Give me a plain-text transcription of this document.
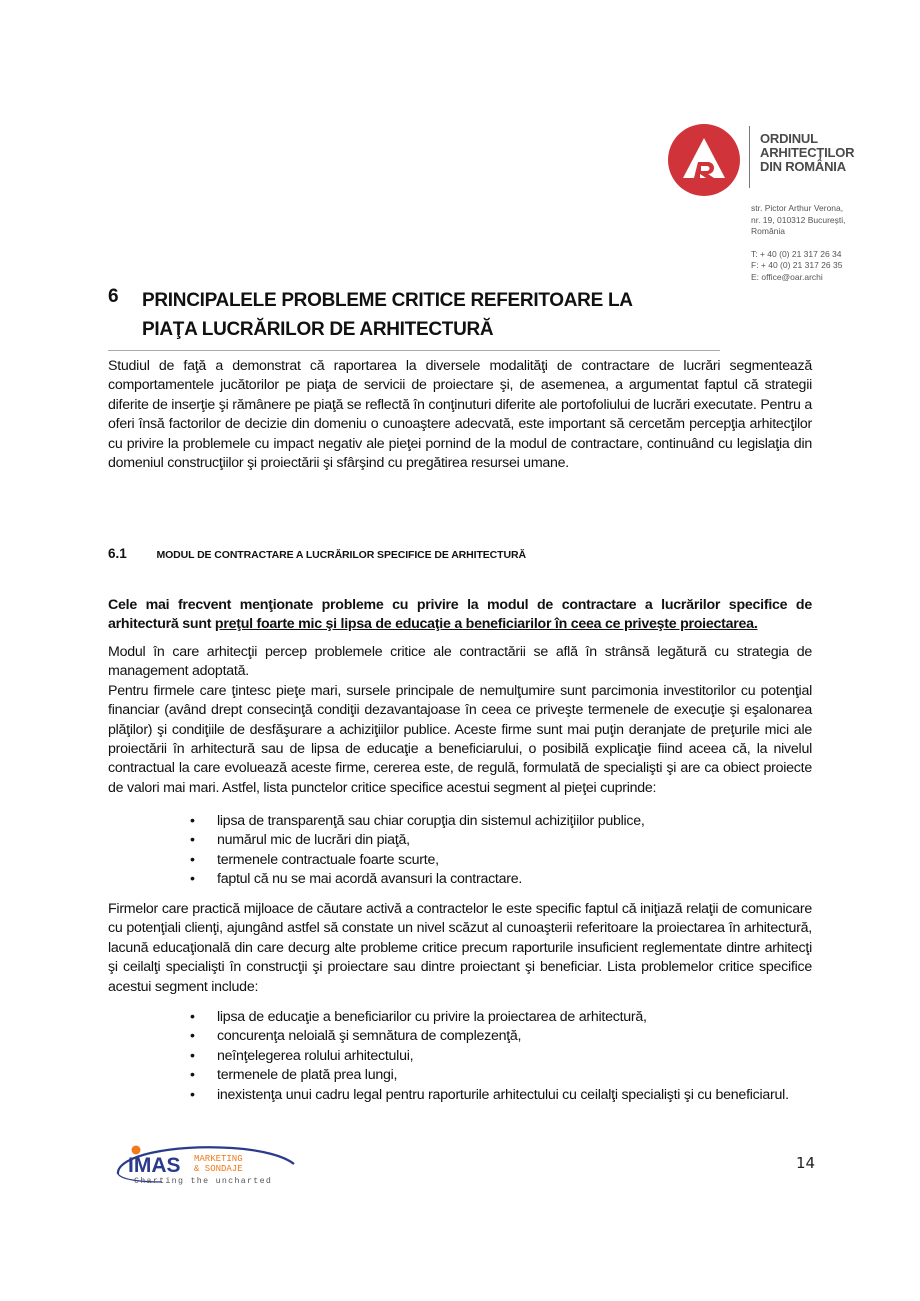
ORDINUL
ARHITECȚILOR
DIN ROMÂNIA
str. Pictor Arthur Verona,
nr. 19, 010312 București,
România
T: + 40 (0) 21 317 26 34
F: + 40 (0) 21 317 26 35
E: office@oar.archi
6 PRINCIPALELE PROBLEME CRITICE REFERITOARE LA
PIAŢA LUCRĂRILOR DE ARHITECTURĂ

Studiul de faţă a demonstrat că raportarea la diversele modalităţi de contractare de lucrări segmentează comportamentele jucătorilor pe piaţa de servicii de proiectare şi, de asemenea, a argumentat faptul că strategii diferite de inserţie şi rămânere pe piaţă se reflectă în conţinuturi diferite ale portofoliului de lucrări executate. Pentru a oferi însă factorilor de decizie din domeniu o cunoaştere adecvată, este important să cercetăm percepţia arhitecţilor cu privire la problemele cu impact negativ ale pieţei pornind de la modul de contractare, continuând cu legislaţia din domeniul construcţiilor şi proiectării şi sfârşind cu pregătirea resursei umane.

6.1	MODUL DE CONTRACTARE A LUCRĂRILOR SPECIFICE DE ARHITECTURĂ

Cele mai frecvent menţionate probleme cu privire la modul de contractare a lucrărilor specifice de arhitectură sunt preţul foarte mic şi lipsa de educaţie a beneficiarilor în ceea ce priveşte proiectarea.

Modul în care arhitecţii percep problemele critice ale contractării se află în strânsă legătură cu strategia de management adoptată.

Pentru firmele care ţintesc pieţe mari, sursele principale de nemulţumire sunt parcimonia investitorilor cu potenţial financiar (având drept consecinţă condiţii dezavantajoase în ceea ce priveşte termenele de execuţie şi eşalonarea plăţilor) şi condiţiile de desfăşurare a achiziţiilor publice. Aceste firme sunt mai puţin deranjate de preţurile mici ale proiectării în arhitectură sau de lipsa de educaţie a beneficiarului, o posibilă explicaţie fiind aceea că, la nivelul contractual la care evoluează aceste firme, cererea este, de regulă, formulată de specialişti şi are ca obiect proiecte de valori mai mari. Astfel, lista punctelor critice specifice acestui segment al pieţei cuprinde:

• lipsa de transparenţă sau chiar corupţia din sistemul achiziţiilor publice,
• numărul mic de lucrări din piaţă,
• termenele contractuale foarte scurte,
• faptul că nu se mai acordă avansuri la contractare.

Firmelor care practică mijloace de căutare activă a contractelor le este specific faptul că iniţiază relaţii de comunicare cu potenţiali clienţi, ajungând astfel să constate un nivel scăzut al cunoaşterii referitoare la proiectarea în arhitectură, lacună educaţională din care decurg alte probleme critice precum raporturile insuficient reglementate dintre arhitecţi şi ceilalţi specialişti în construcţii şi proiectare sau dintre proiectant şi beneficiar. Lista problemelor critice specifice acestui segment include:

• lipsa de educaţie a beneficiarilor cu privire la proiectarea de arhitectură,
• concurenţa neloială şi semnătura de complezenţă,
• neînţelegerea rolului arhitectului,
• termenele de plată prea lungi,
• inexistenţa unui cadru legal pentru raporturile arhitectului cu ceilalţi specialişti şi cu beneficiarul.
IMAS MARKETING
& SONDAJE
Charting the uncharted
14
